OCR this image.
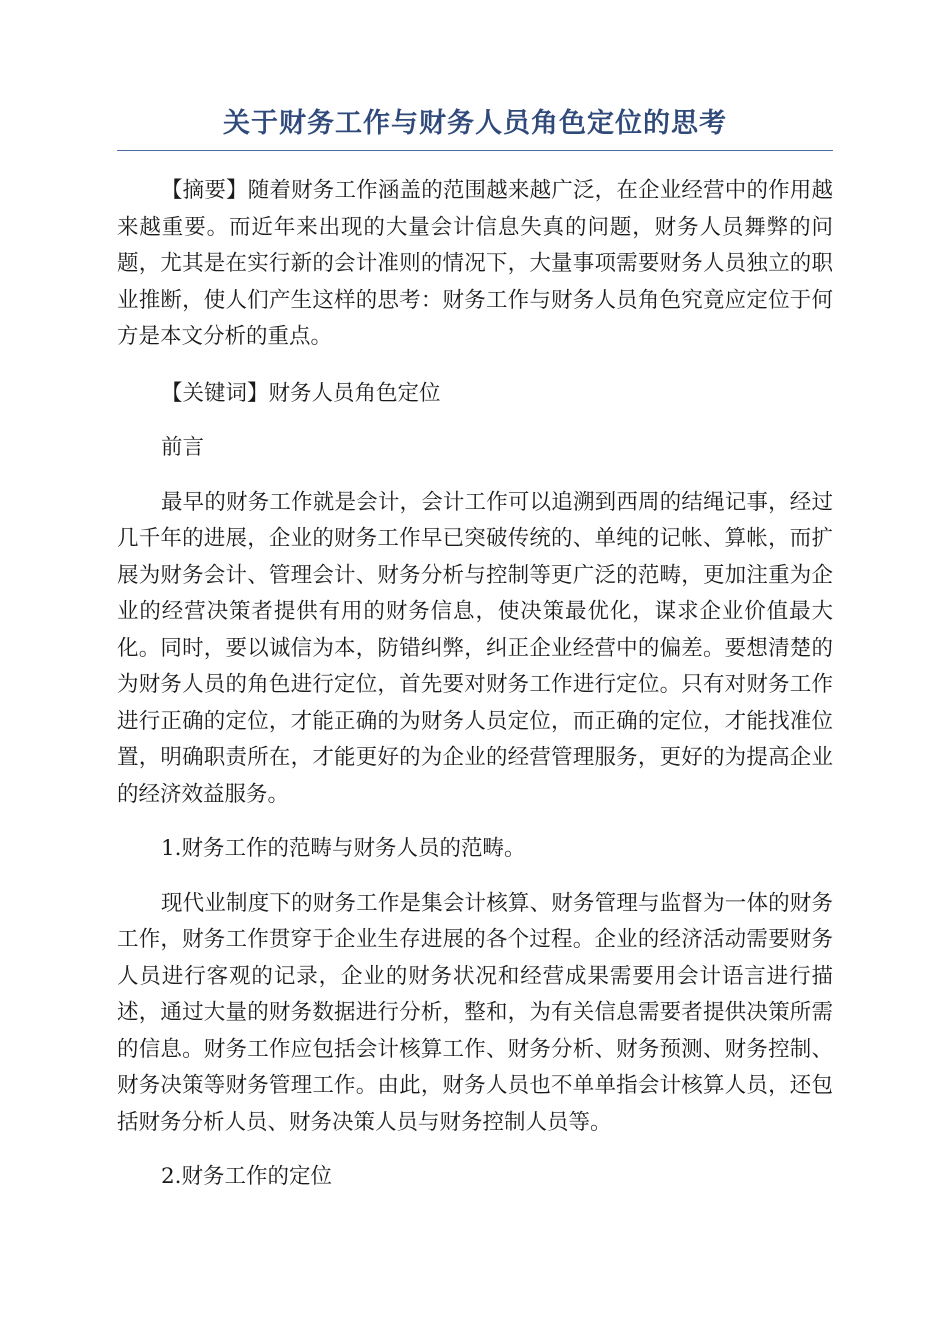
关于财务工作与财务人员角色定位的思考

【摘要】随着财务工作涵盖的范围越来越广泛，在企业经营中的作用越来越重要。而近年来出现的大量会计信息失真的问题，财务人员舞弊的问题，尤其是在实行新的会计准则的情况下，大量事项需要财务人员独立的职业推断，使人们产生这样的思考：财务工作与财务人员角色究竟应定位于何方是本文分析的重点。

【关键词】财务人员角色定位

前言

最早的财务工作就是会计，会计工作可以追溯到西周的结绳记事，经过几千年的进展，企业的财务工作早已突破传统的、单纯的记帐、算帐，而扩展为财务会计、管理会计、财务分析与控制等更广泛的范畴，更加注重为企业的经营决策者提供有用的财务信息，使决策最优化，谋求企业价值最大化。同时，要以诚信为本，防错纠弊，纠正企业经营中的偏差。要想清楚的为财务人员的角色进行定位，首先要对财务工作进行定位。只有对财务工作进行正确的定位，才能正确的为财务人员定位，而正确的定位，才能找准位置，明确职责所在，才能更好的为企业的经营管理服务，更好的为提高企业的经济效益服务。

1.财务工作的范畴与财务人员的范畴。

现代业制度下的财务工作是集会计核算、财务管理与监督为一体的财务工作，财务工作贯穿于企业生存进展的各个过程。企业的经济活动需要财务人员进行客观的记录，企业的财务状况和经营成果需要用会计语言进行描述，通过大量的财务数据进行分析，整和，为有关信息需要者提供决策所需的信息。财务工作应包括会计核算工作、财务分析、财务预测、财务控制、财务决策等财务管理工作。由此，财务人员也不单单指会计核算人员，还包括财务分析人员、财务决策人员与财务控制人员等。

2.财务工作的定位
